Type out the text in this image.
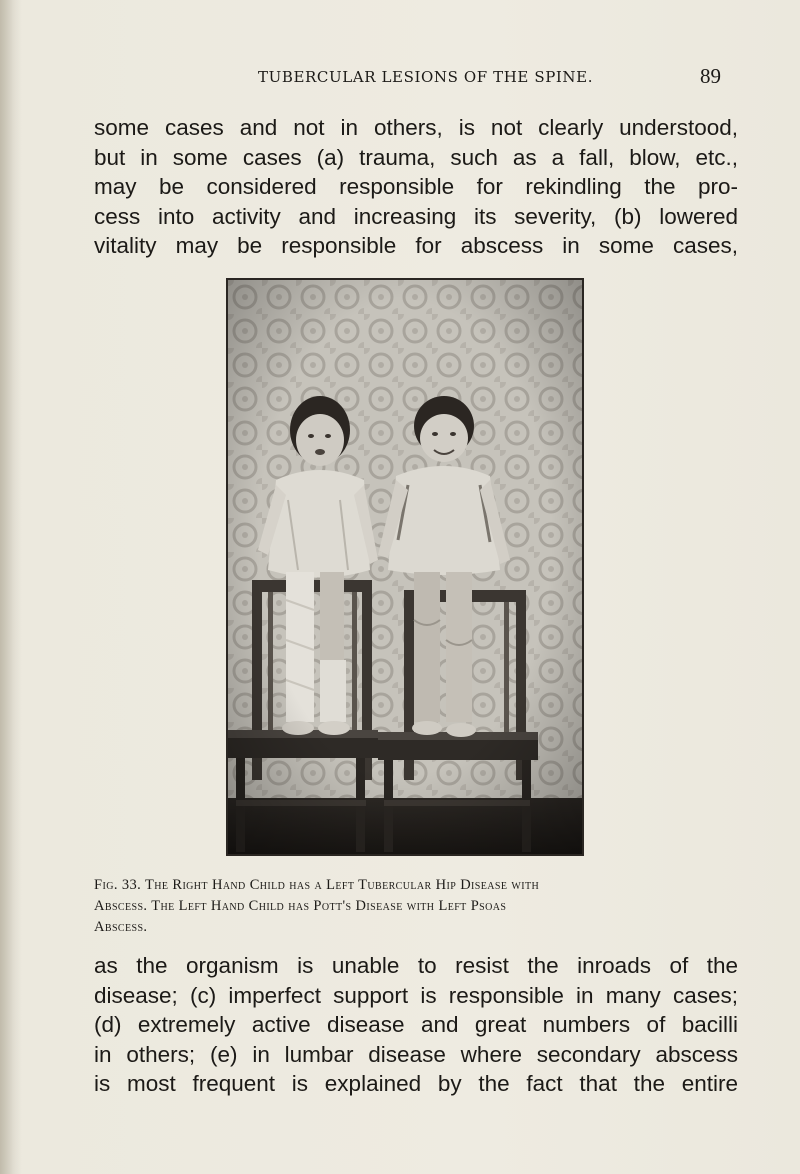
TUBERCULAR LESIONS OF THE SPINE.	89
some cases and not in others, is not clearly understood,
but in some cases (a) trauma, such as a fall, blow, etc.,
may be considered responsible for rekindling the pro-
cess into activity and increasing its severity, (b) lowered
vitality may be responsible for abscess in some cases,
Fig. 33. The Right Hand Child has a Left Tubercular Hip Disease with
Abscess. The Left Hand Child has Pott's Disease with Left Psoas
Abscess.
as the organism is unable to resist the inroads of the
disease; (c) imperfect support is responsible in many cases;
(d) extremely active disease and great numbers of bacilli
in others; (e) in lumbar disease where secondary abscess
is most frequent is explained by the fact that the entire
